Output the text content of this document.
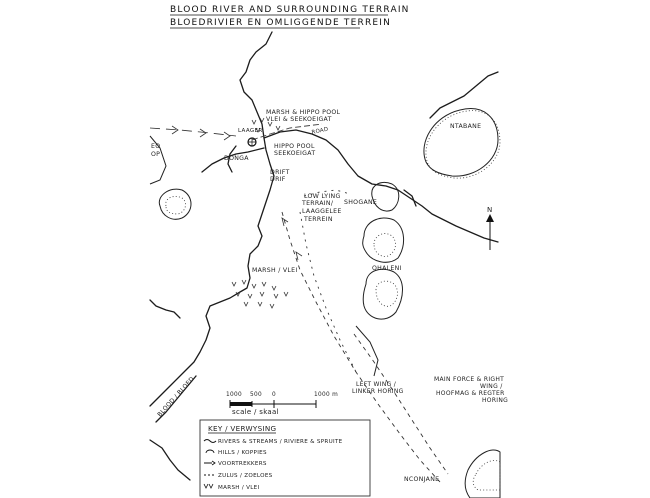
BLOOD RIVER AND SURROUNDING TERRAIN
BLOEDRIVIER EN OMLIGGENDE TERREIN
N
MARSH & HIPPO POOL
VLEI & SEEKOEIGAT
LAAGER	ROAD
HIPPO POOL
SEEKOEIGAT
DONGA
DRIFT
DRIF
EO
OP
LOW LYING
TERRAIN/
LAAGGELEE
TERREIN
SHOGANE
NTABANE
OHALENI
MARSH / VLEI
MAIN FORCE & RIGHT
WING /
HOOFMAG & REGTER
HORING
LEFT WING /
LINKER HORING
BLOOD / BLOED
NCONJANE
1000 500 0	1000 m
scale / skaal
KEY / VERWYSING
RIVERS & STREAMS / RIVIERE & SPRUITE
HILLS / KOPPIES
VOORTREKKERS
ZULUS / ZOELOES
MARSH / VLEI
